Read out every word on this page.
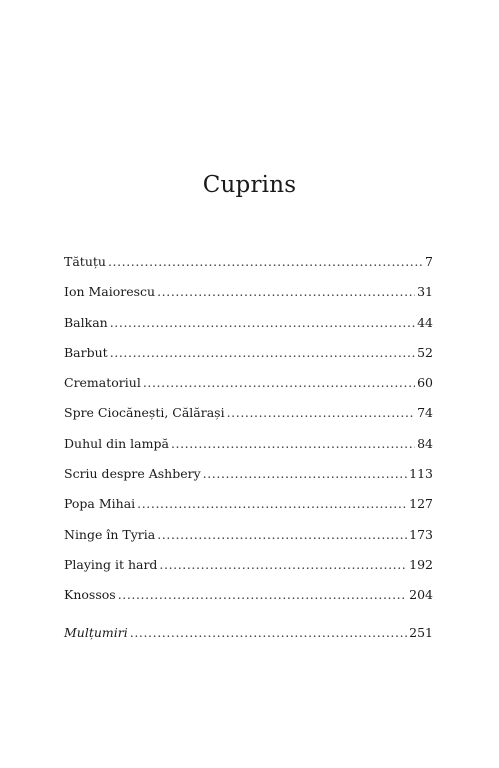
Cuprins
Tătuțu .....	7
Ion Maiorescu .....	31
Balkan .....	44
Barbut .....	52
Crematoriul .....	60
Spre Ciocănești, Călărași .....	74
Duhul din lampă .....	84
Scriu despre Ashbery .....	113
Popa Mihai .....	127
Ninge în Tyria .....	173
Playing it hard .....	192
Knossos .....	204
Mulțumiri .....	251
